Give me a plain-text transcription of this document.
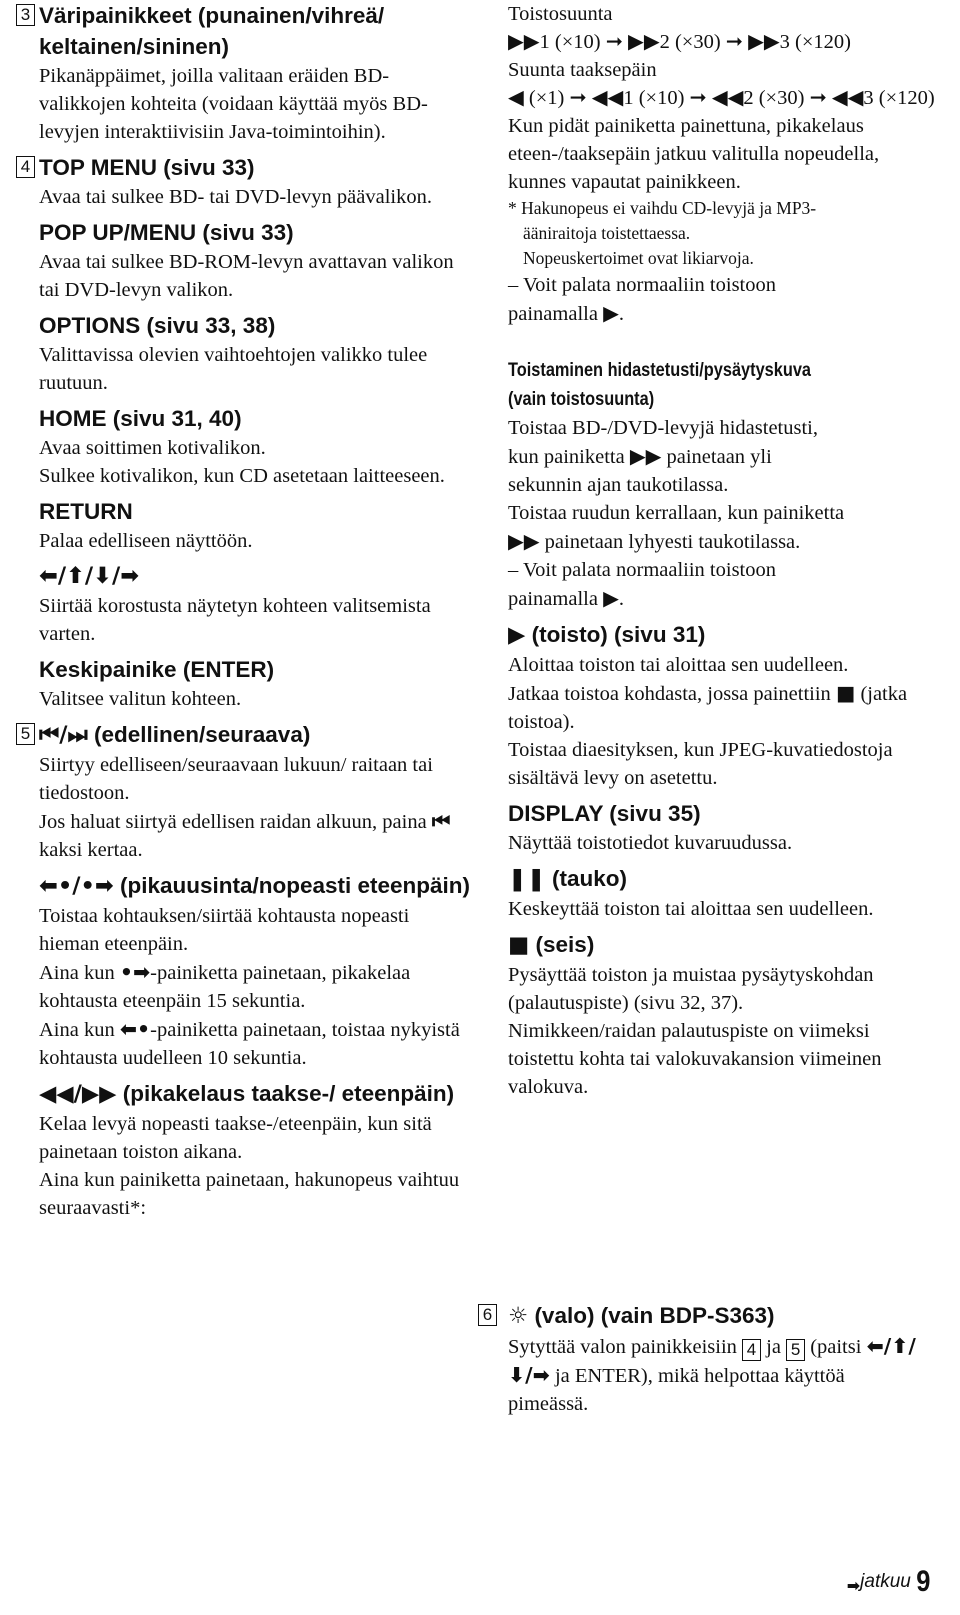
3 Väripainikkeet (punainen/vihreä/ keltainen/sininen)
Pikanäppäimet, joilla valitaan eräiden BD-valikkojen kohteita (voidaan käyttää myös BD-levyjen interaktiivisiin Java-toimintoihin).
4 TOP MENU (sivu 33)
Avaa tai sulkee BD- tai DVD-levyn päävalikon.
POP UP/MENU (sivu 33)
Avaa tai sulkee BD-ROM-levyn avattavan valikon tai DVD-levyn valikon.
OPTIONS (sivu 33, 38)
Valittavissa olevien vaihtoehtojen valikko tulee ruutuun.
HOME (sivu 31, 40)
Avaa soittimen kotivalikon.
Sulkee kotivalikon, kun CD asetetaan laitteeseen.
RETURN
Palaa edelliseen näyttöön.
⬅/⬆/⬇/➡
Siirtää korostusta näytetyn kohteen valitsemista varten.
Keskipainike (ENTER)
Valitsee valitun kohteen.
5 ⏮/⏭ (edellinen/seuraava)
Siirtyy edelliseen/seuraavaan lukuun/ raitaan tai tiedostoon.
Jos haluat siirtyä edellisen raidan alkuun, paina ⏮ kaksi kertaa.
⬅•/•➡ (pikauusinta/nopeasti eteenpäin)
Toistaa kohtauksen/siirtää kohtausta nopeasti hieman eteenpäin.
Aina kun •➡-painiketta painetaan, pikakelaa kohtausta eteenpäin 15 sekuntia.
Aina kun ⬅•-painiketta painetaan, toistaa nykyistä kohtausta uudelleen 10 sekuntia.
◀◀/▶▶ (pikakelaus taakse-/ eteenpäin)
Kelaa levyä nopeasti taakse-/eteenpäin, kun sitä painetaan toiston aikana.
Aina kun painiketta painetaan, hakunopeus vaihtuu seuraavasti*:
Toistosuunta
▶▶1 (×10) ➞ ▶▶2 (×30) ➞ ▶▶3 (×120)
Suunta taaksepäin
◀ (×1) ➞ ◀◀1 (×10) ➞ ◀◀2 (×30) ➞ ◀◀3 (×120)
Kun pidät painiketta painettuna, pikakelaus eteen-/taaksepäin jatkuu valitulla nopeudella, kunnes vapautat painikkeen.
* Hakunopeus ei vaihdu CD-levyjä ja MP3-
ääniraitoja toistettaessa.
Nopeuskertoimet ovat likiarvoja.
– Voit palata normaaliin toistoon
painamalla ▶.
Toistaminen hidastetusti/pysäytyskuva
(vain toistosuunta)
Toistaa BD-/DVD-levyjä hidastetusti,
kun painiketta ▶▶ painetaan yli
sekunnin ajan taukotilassa.
Toistaa ruudun kerrallaan, kun painiketta
▶▶ painetaan lyhyesti taukotilassa.
– Voit palata normaaliin toistoon
painamalla ▶.
▶ (toisto) (sivu 31)
Aloittaa toiston tai aloittaa sen uudelleen.
Jatkaa toistoa kohdasta, jossa painettiin ■ (jatka toistoa).
Toistaa diaesityksen, kun JPEG-kuvatiedostoja sisältävä levy on asetettu.
DISPLAY (sivu 35)
Näyttää toistotiedot kuvaruudussa.
❚❚ (tauko)
Keskeyttää toiston tai aloittaa sen uudelleen.
■ (seis)
Pysäyttää toiston ja muistaa pysäytyskohdan (palautuspiste) (sivu 32, 37).
Nimikkeen/raidan palautuspiste on viimeksi toistettu kohta tai valokuvakansion viimeinen valokuva.
6 ☼ (valo) (vain BDP-S363)
Sytyttää valon painikkeisiin 4 ja 5 (paitsi ⬅/⬆/⬇/➡ ja ENTER), mikä helpottaa käyttöä pimeässä.
➡jatkuu 9
